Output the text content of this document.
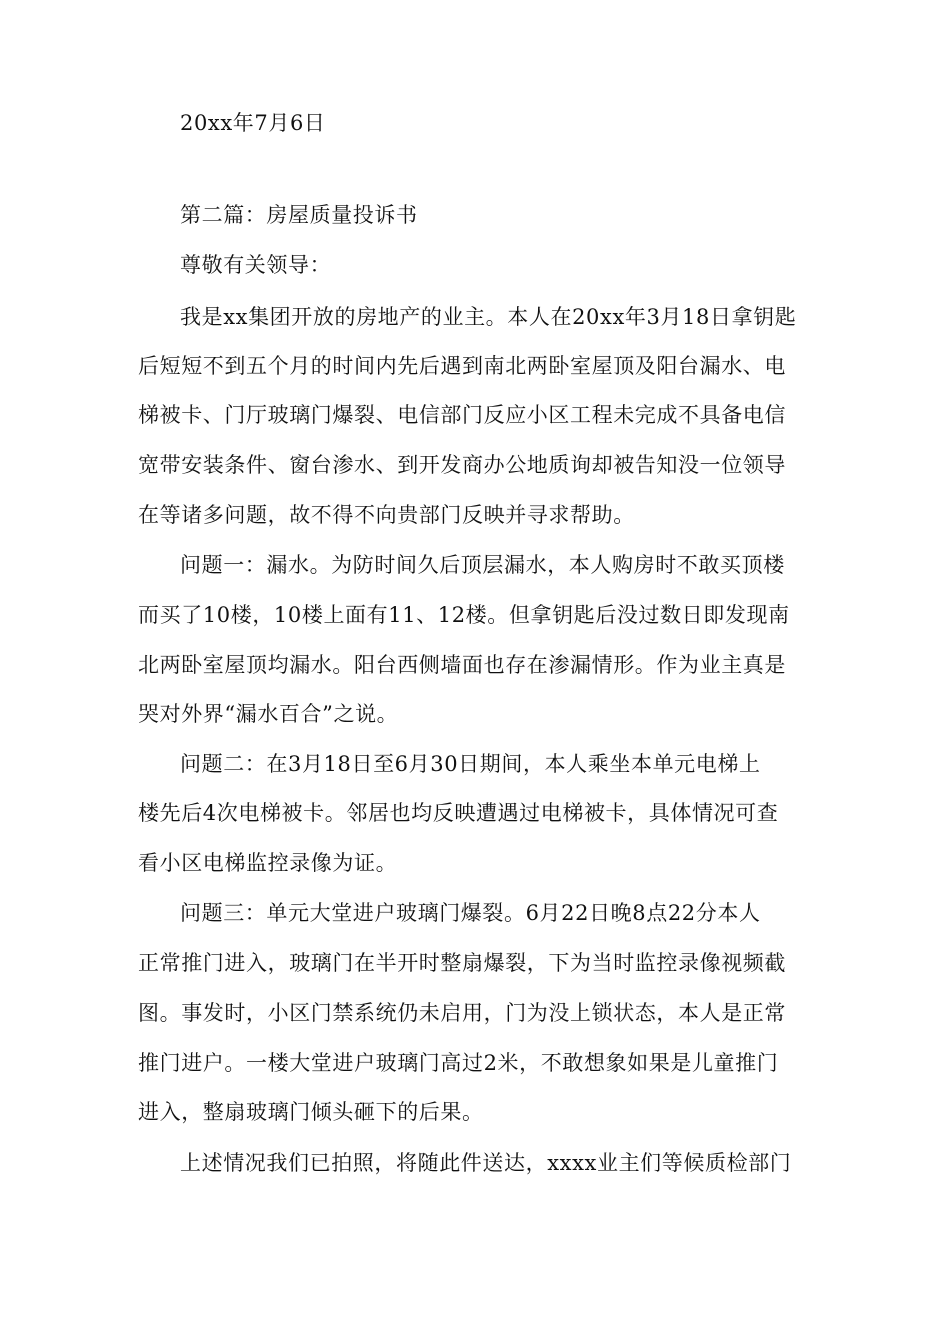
20xx年7月6日
第二篇：房屋质量投诉书
尊敬有关领导：
我是xx集团开放的房地产的业主。本人在20xx年3月18日拿钥匙
后短短不到五个月的时间内先后遇到南北两卧室屋顶及阳台漏水、电
梯被卡、门厅玻璃门爆裂、电信部门反应小区工程未完成不具备电信
宽带安装条件、窗台渗水、到开发商办公地质询却被告知没一位领导
在等诸多问题，故不得不向贵部门反映并寻求帮助。
问题一：漏水。为防时间久后顶层漏水，本人购房时不敢买顶楼
而买了10楼，10楼上面有11、12楼。但拿钥匙后没过数日即发现南
北两卧室屋顶均漏水。阳台西侧墙面也存在渗漏情形。作为业主真是
哭对外界“漏水百合”之说。
问题二：在3月18日至6月30日期间，本人乘坐本单元电梯上
楼先后4次电梯被卡。邻居也均反映遭遇过电梯被卡，具体情况可查
看小区电梯监控录像为证。
问题三：单元大堂进户玻璃门爆裂。6月22日晚8点22分本人
正常推门进入，玻璃门在半开时整扇爆裂，下为当时监控录像视频截
图。事发时，小区门禁系统仍未启用，门为没上锁状态，本人是正常
推门进户。一楼大堂进户玻璃门高过2米，不敢想象如果是儿童推门
进入，整扇玻璃门倾头砸下的后果。
上述情况我们已拍照，将随此件送达，xxxx业主们等候质检部门
